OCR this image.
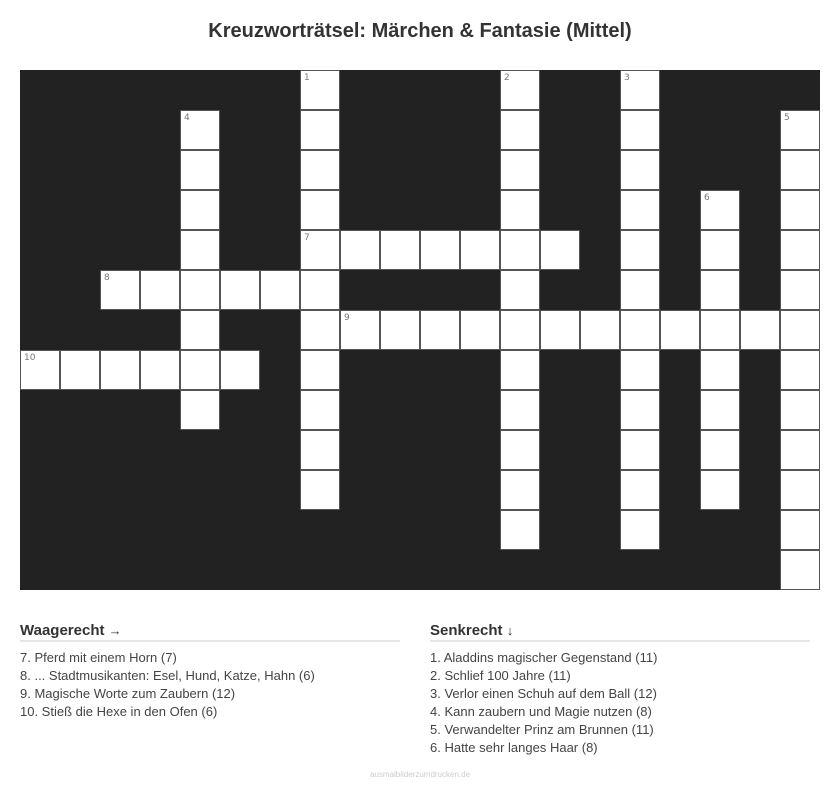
Kreuzworträtsel: Märchen & Fantasie (Mittel)
1
7
2	3
4	5
6
8
9
10
Waagerecht →
7. Pferd mit einem Horn (7)
8. ... Stadtmusikanten: Esel, Hund, Katze, Hahn (6)
9. Magische Worte zum Zaubern (12)
10. Stieß die Hexe in den Ofen (6)
Senkrecht ↓
1. Aladdins magischer Gegenstand (11)
2. Schlief 100 Jahre (11)
3. Verlor einen Schuh auf dem Ball (12)
4. Kann zaubern und Magie nutzen (8)
5. Verwandelter Prinz am Brunnen (11)
6. Hatte sehr langes Haar (8)
ausmalbilderzumdrucken.de
